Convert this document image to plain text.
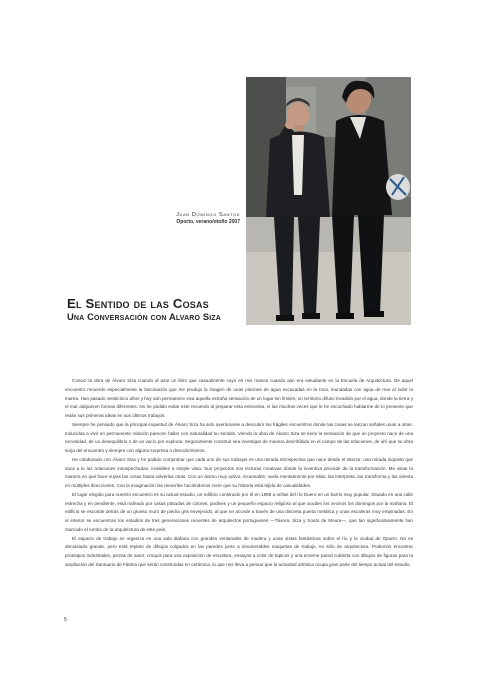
Juan Domingo Santos
Oporto, verano/otoño 2007
El Sentido de las Cosas
Una Conversación con Alvaro Siza

Conocí la obra de Álvaro Siza cuando al azar un libro que casualmente cayó en mis manos cuando aún era estudiante en la Escuela de Arquitectura. De aquel encuentro recuerdo especialmente la fascinación que me produjo la imagen de unas piscinas de agua excavadas en la roca, inundadas con agua de mar al subir la marea. Han pasado veinticinco años y hoy aún permanece viva aquella extraña sensación de un lugar sin límites, un territorio difuso invadido por el agua, donde la tierra y el mar adquieren formas diferentes. No he podido evitar este recuerdo al preparar esta entrevista, ni las muchas veces que le he escuchado hablarme de lo presente que están sus primeras ideas en sus últimos trabajos.

Siempre he pensado que la principal inquietud de Álvaro Siza ha sido aventurarse a descubrir los frágiles encuentros donde las cosas se lanzan señales unas a otras. Inducidas a vivir en permanente relación parecen hallar con naturalidad su sentido. Viendo la obra de Álvaro Siza se tiene la sensación de que un proyecto nace de una necesidad, de un desequilibrio o de un vacío por explorar. Seguramente construir sea investigar de manera desinhibida en el campo de las relaciones, de ahí que su obra surja del encuentro y siempre con alguna sorpresa o descubrimiento.

He colaborado con Álvaro Siza y he podido comprobar que cada uno de sus trabajos es una mirada introspectiva que nace desde el interior, una mirada inquieta que saca a la luz relaciones insospechadas, invisibles a simple vista. Sus proyectos son lecturas creativas donde la inventiva procede de la transformación. Me atrae la manera en que hace suyas las cosas hasta volverlas otras. Con un ánimo muy activo, incansable, vuela mentalmente por ellas, las interpreta, las transforma y las orienta en múltiples direcciones. Con la imaginación las reescribe haciéndonos creer que su historia está tejida de casualidades.

El lugar elegido para nuestro encuentro es su actual estudio, un edificio construido por él en 1998 a orillas del río Duero en un barrio muy popular. Situado en una calle estrecha y en pendiente, está rodeado por casas pintadas de colores, jardines y un pequeño espacio religioso al que acuden los vecinos los domingos por la mañana. El edificio se esconde detrás de un grueso muro de piedra gris envejecido, al que se accede a través de una discreta puerta metálica y unas escaleras muy empinadas. En el interior se encuentran los estudios de tres generaciones recientes de arquitectos portugueses —Távora, Siza y Souto de Moura—, que tan significativamente han marcado el rumbo de la arquitectura de este país.

El espacio de trabajo se organiza en una sala diáfana con grandes ventanales de madera y unas vistas fantásticas sobre el río y la ciudad de Oporto. No es demasiado grande, pero está repleto de dibujos colgados en las paredes junto a innumerables maquetas de trabajo, no sólo de arquitectura. Podemos encontrar prototipos industriales, piezas de autor, croquis para una exposición de escultura, ensayos a color de tapices y una enorme pared cubierta con dibujos de figuras para la ampliación del Santuario de Fátima que serán construidas en cerámica, lo que nos lleva a pensar que la actividad artística ocupa gran parte del tiempo actual del estudio.

5
